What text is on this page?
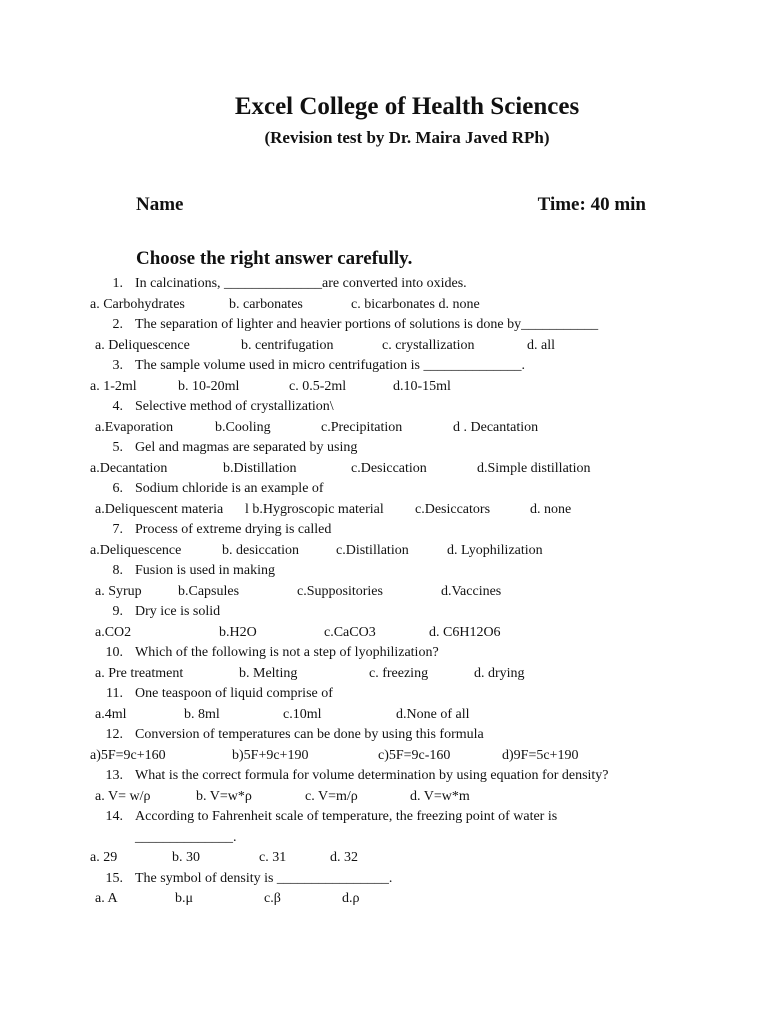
Excel College of Health Sciences
(Revision test by Dr. Maira Javed RPh)
Name	Time: 40 min
Choose the right answer carefully.
1. In calcinations, ______________are converted into oxides.
a. Carbohydrates	b. carbonates	c. bicarbonates d. none
2. The separation of lighter and heavier portions of solutions is done by___________
a. Deliquescence	b. centrifugation	c. crystallization	d. all
3. The sample volume used in micro centrifugation is ______________.
a. 1-2ml	b. 10-20ml	c. 0.5-2ml	d.10-15ml
4. Selective method of crystallization\
a.Evaporation	b.Cooling	c.Precipitation	d . Decantation
5. Gel and magmas are separated by using
a.Decantation	b.Distillation	c.Desiccation	d.Simple distillation
6. Sodium chloride is an example of
a.Deliquescent materia l b.Hygroscopic material c.Desiccators	d. none
7. Process of extreme drying is called
a.Deliquescence	b. desiccation	c.Distillation	d. Lyophilization
8. Fusion is used in making
a. Syrup	b.Capsules	c.Suppositories	d.Vaccines
9. Dry ice is solid
a.CO2	b.H2O	c.CaCO3	d. C6H12O6
10. Which of the following is not a step of lyophilization?
a. Pre treatment	b. Melting	c. freezing	d. drying
11. One teaspoon of liquid comprise of
a.4ml	b. 8ml	c.10ml	d.None of all
12. Conversion of temperatures can be done by using this formula
a)5F=9c+160	b)5F+9c+190	c)5F=9c-160	d)9F=5c+190
13. What is the correct formula for volume determination by using equation for density?
a. V= w/ρ	b. V=w*ρ	c. V=m/ρ	d. V=w*m
14. According to Fahrenheit scale of temperature, the freezing point of water is
______________.
a. 29	b. 30	c. 31	d. 32
15. The symbol of density is ________________.
a. A	b.μ	c.β	d.ρ
